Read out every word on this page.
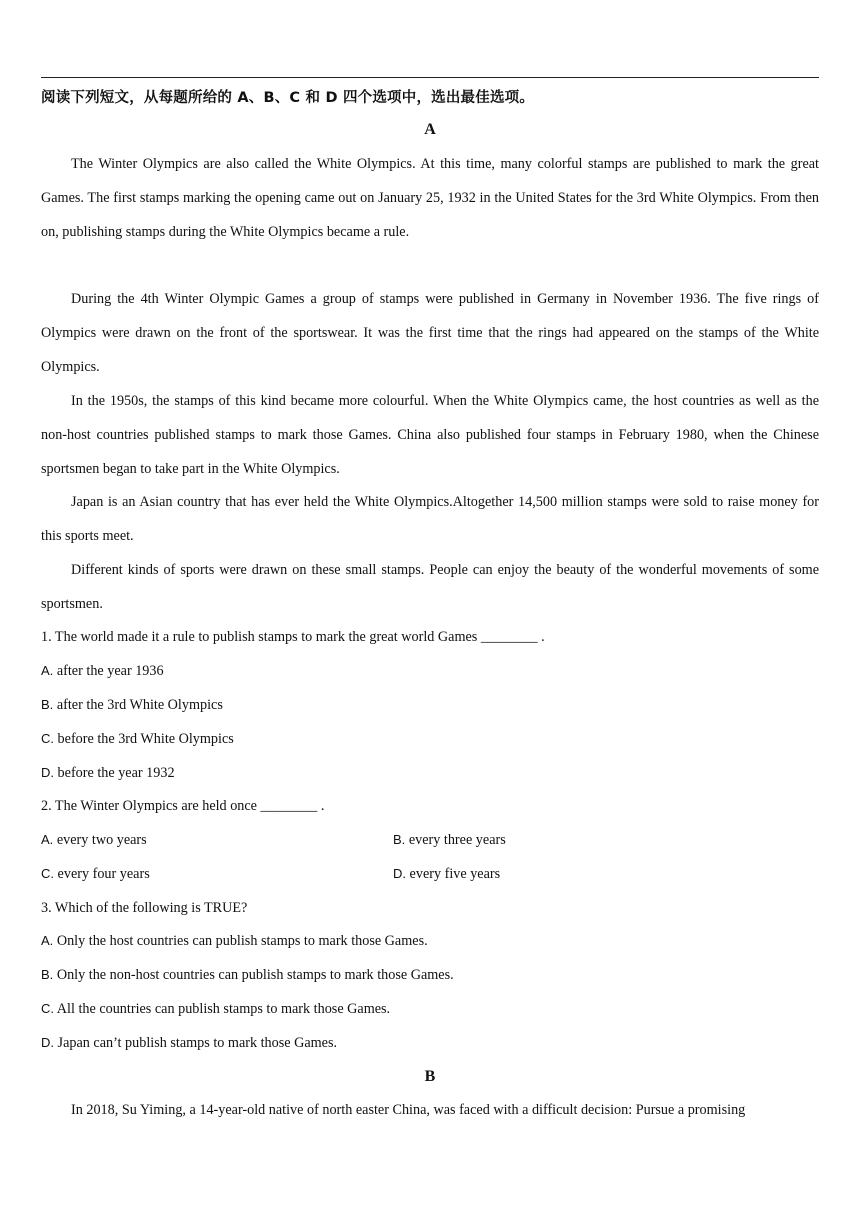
阅读下列短文，从每题所给的 A、B、C 和 D 四个选项中，选出最佳选项。
A
The Winter Olympics are also called the White Olympics. At this time, many colorful stamps are published to mark the great Games. The first stamps marking the opening came out on January 25, 1932 in the United States for the 3rd White Olympics. From then on, publishing stamps during the White Olympics became a rule.
During the 4th Winter Olympic Games a group of stamps were published in Germany in November 1936. The five rings of Olympics were drawn on the front of the sportswear. It was the first time that the rings had appeared on the stamps of the White Olympics.
In the 1950s, the stamps of this kind became more colourful. When the White Olympics came, the host countries as well as the non-host countries published stamps to mark those Games. China also published four stamps in February 1980, when the Chinese sportsmen began to take part in the White Olympics.
Japan is an Asian country that has ever held the White Olympics.Altogether 14,500 million stamps were sold to raise money for this sports meet.
Different kinds of sports were drawn on these small stamps. People can enjoy the beauty of the wonderful movements of some sportsmen.
1. The world made it a rule to publish stamps to mark the great world Games ________ .
A. after the year 1936
B. after the 3rd White Olympics
C. before the 3rd White Olympics
D. before the year 1932
2. The Winter Olympics are held once ________ .
A. every two years	B. every three years
C. every four years	D. every five years
3. Which of the following is TRUE?
A. Only the host countries can publish stamps to mark those Games.
B. Only the non-host countries can publish stamps to mark those Games.
C. All the countries can publish stamps to mark those Games.
D. Japan can’t publish stamps to mark those Games.
B
In 2018, Su Yiming, a 14-year-old native of north easter China, was faced with a difficult decision: Pursue a promising
